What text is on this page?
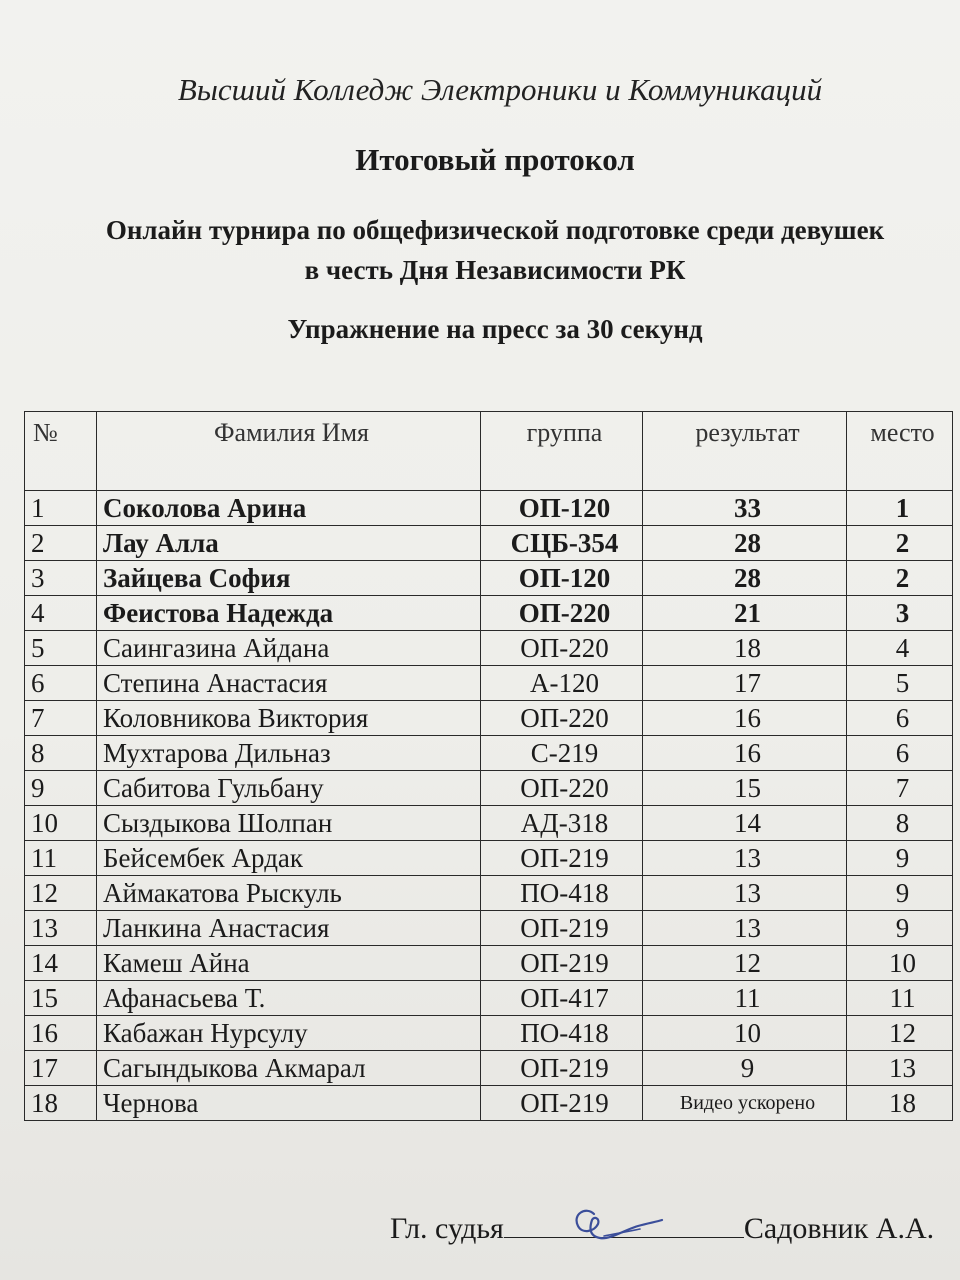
Высший Колледж Электроники и Коммуникаций
Итоговый протокол
Онлайн турнира по общефизической подготовке среди девушек
в честь Дня Независимости РК
Упражнение на пресс за 30 секунд
№	Фамилия Имя	группа	результат	место
1	Соколова Арина	ОП-120	33	1
2	Лау Алла	СЦБ-354	28	2
3	Зайцева София	ОП-120	28	2
4	Феистова Надежда	ОП-220	21	3
5	Саингазина Айдана	ОП-220	18	4
6	Степина Анастасия	А-120	17	5
7	Коловникова Виктория	ОП-220	16	6
8	Мухтарова Дильназ	С-219	16	6
9	Сабитова Гульбану	ОП-220	15	7
10	Сыздыкова Шолпан	АД-318	14	8
11	Бейсембек Ардак	ОП-219	13	9
12	Аймакатова Рыскуль	ПО-418	13	9
13	Ланкина Анастасия	ОП-219	13	9
14	Камеш Айна	ОП-219	12	10
15	Афанасьева Т.	ОП-417	11	11
16	Кабажан Нурсулу	ПО-418	10	12
17	Сагындыкова Акмарал	ОП-219	9	13
18	Чернова	ОП-219	Видео ускорено	18
Гл. судья	Садовник А.А.
